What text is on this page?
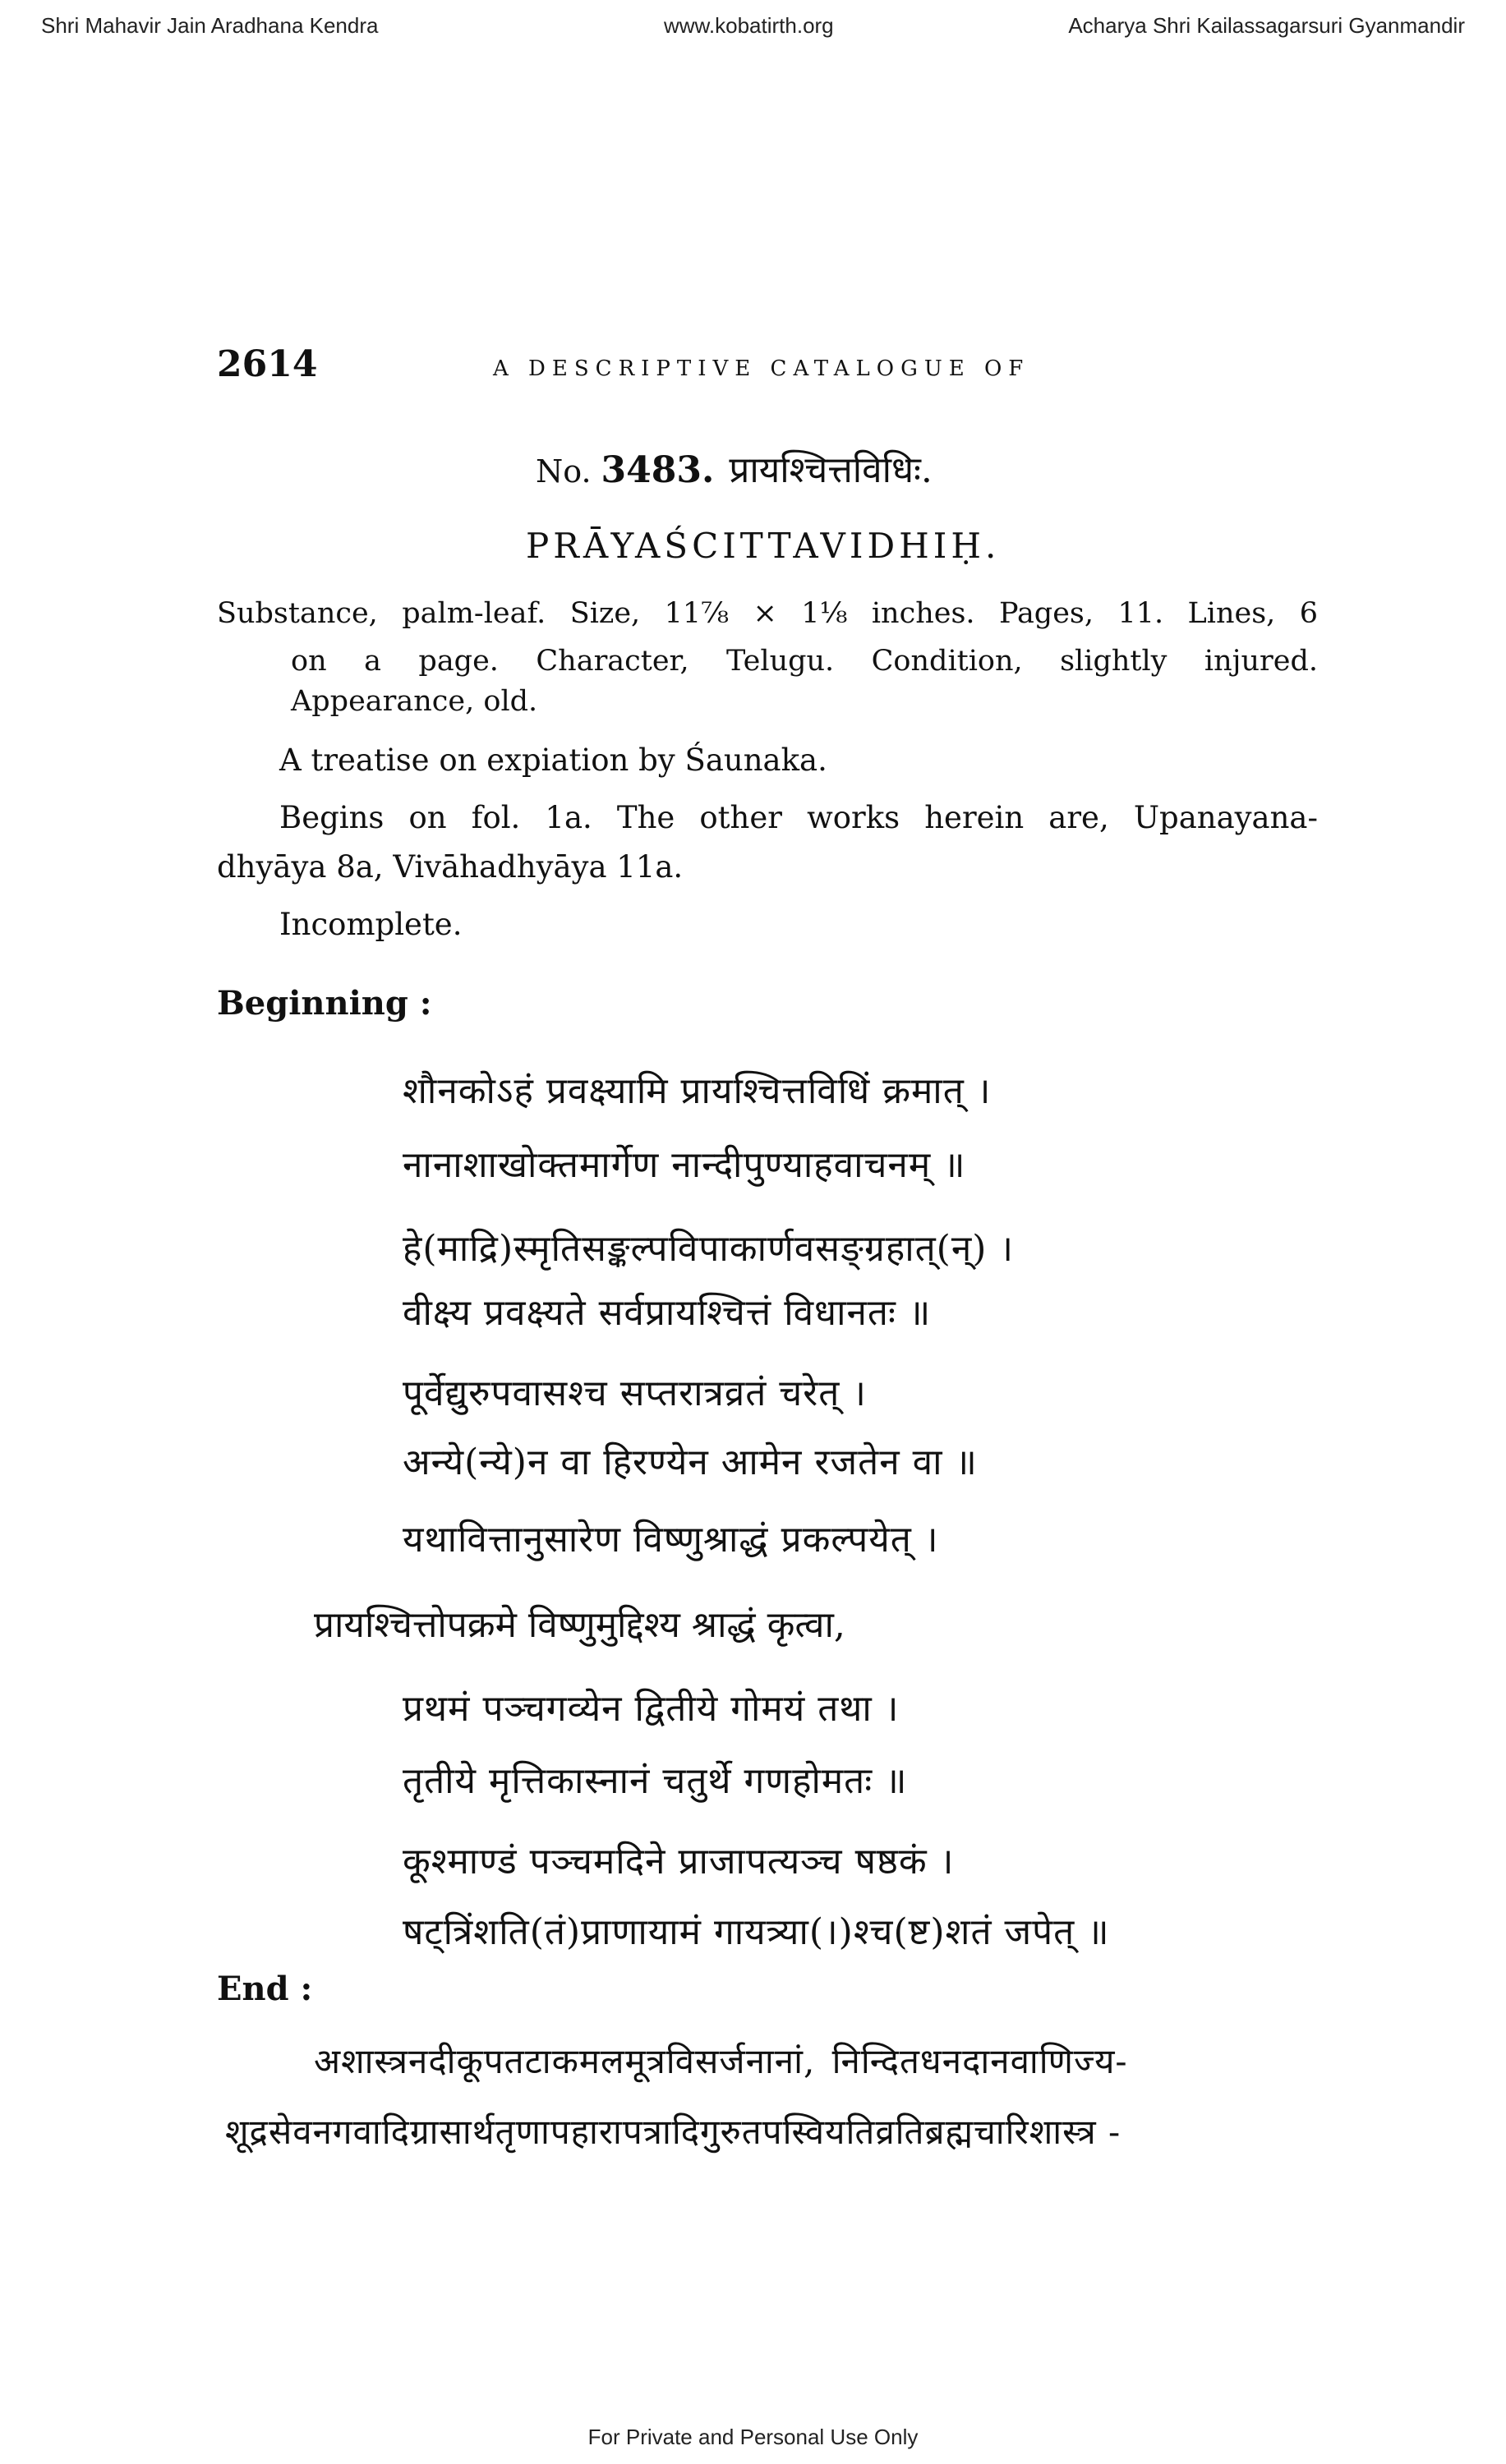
Shri Mahavir Jain Aradhana Kendra	www.kobatirth.org	Acharya Shri Kailassagarsuri Gyanmandir
2614	A DESCRIPTIVE CATALOGUE OF
No. 3483. प्रायश्चित्तविधिः.
PRĀYAŚCITTAVIDHIḤ.
Substance, palm-leaf. Size, 11⅞ × 1⅛ inches. Pages, 11. Lines, 6
on a page. Character, Telugu. Condition, slightly injured.
Appearance, old.
A treatise on expiation by Śaunaka.
Begins on fol. 1a. The other works herein are, Upanayana-
dhyāya 8a, Vivāhadhyāya 11a.
Incomplete.
Beginning :
शौनकोऽहं प्रवक्ष्यामि प्रायश्चित्तविधिं क्रमात् ।
नानाशाखोक्तमार्गेण नान्दीपुण्याहवाचनम् ॥
हे(मा‌द्रि)स्मृतिसङ्कल्पविपाकार्णवसङ्ग्रहात्(न्) ।
वीक्ष्य प्रवक्ष्यते सर्वप्रायश्चित्तं विधानतः ॥
पूर्वेद्युरुपवासश्च सप्तरात्रव्रतं चरेत् ।
अन्ये(न्ये)न वा हिरण्येन आमेन रजतेन वा ॥
यथावित्तानुसारेण विष्णुश्राद्धं प्रकल्पयेत् ।
प्रायश्चित्तोपक्रमे विष्णुमुद्दिश्य श्राद्धं कृत्वा,
प्रथमं पञ्चगव्येन द्वितीये गोमयं तथा ।
तृतीये मृत्तिकास्नानं चतुर्थे गणहोमतः ॥
कूश्माण्डं पञ्चमदिने प्राजापत्यञ्च षष्ठकं ।
षट्त्रिंशति(तं)प्राणायामं गायत्र्या(।)श्च(ष्ट)शतं जपेत् ॥
End :
अशास्त्रनदीकूपतटाकमलमूत्रविसर्जनानां, निन्दितधनदानवाणिज्य-
शूद्रसेवनगवादिग्रासार्थतृणापहारापत्रादिगुरुतपस्वियतिव्रतिब्रह्मचारिशास्त्र -
For Private and Personal Use Only
